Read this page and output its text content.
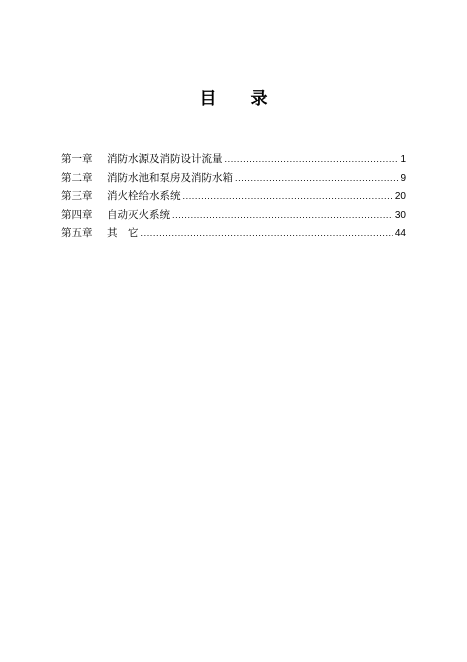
目 录
第一章	消防水源及消防设计流量 .....	1
第二章	消防水池和泵房及消防水箱 .....	9
第三章	消火栓给水系统 .....	20
第四章	自动灭火系统 .....	30
第五章	其　它 .....	44
